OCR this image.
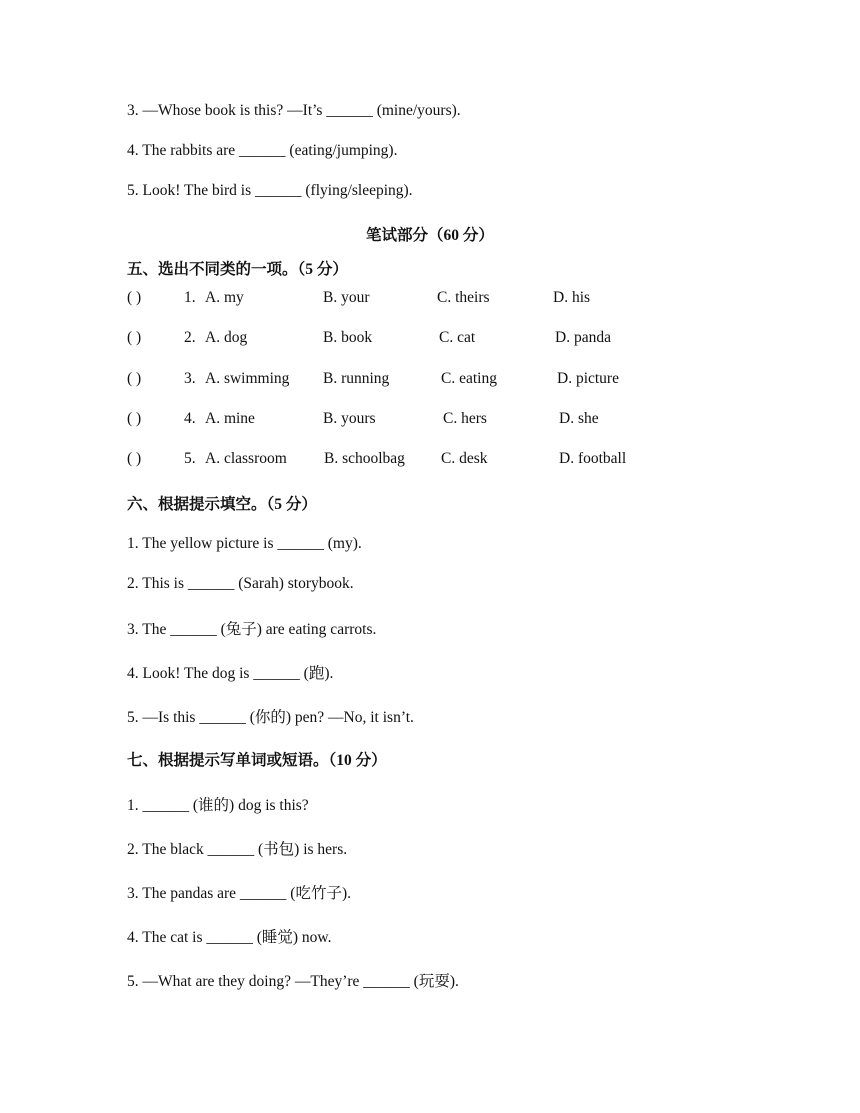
3. —Whose book is this? —It’s ______ (mine/yours).
4. The rabbits are ______ (eating/jumping).
5. Look! The bird is ______ (flying/sleeping).
笔试部分（60 分）
五、选出不同类的一项。（5 分）
( )	1. A. my	B. your	C. theirs	D. his
( )	2. A. dog	B. book	C. cat	D. panda
( )	3. A. swimming B. running	C. eating	D. picture
( )	4. A. mine	B. yours	C. hers	D. she
( )	5. A. classroom B. schoolbag C. desk	D. football
六、根据提示填空。（5 分）
1. The yellow picture is ______ (my).
2. This is ______ (Sarah) storybook.
3. The ______ (兔子) are eating carrots.
4. Look! The dog is ______ (跑).
5. —Is this ______ (你的) pen? —No, it isn’t.
七、根据提示写单词或短语。（10 分）
1. ______ (谁的) dog is this?
2. The black ______ (书包) is hers.
3. The pandas are ______ (吃竹子).
4. The cat is ______ (睡觉) now.
5. —What are they doing? —They’re ______ (玩耍).
